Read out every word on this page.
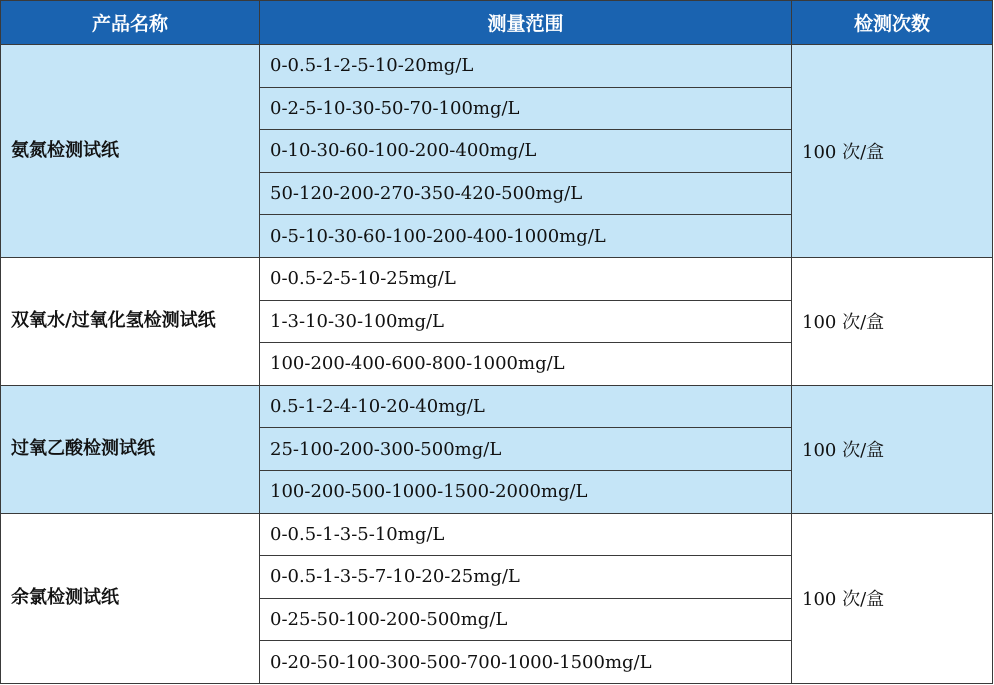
产品名称	测量范围	检测次数
氨氮检测试纸	0-0.5-1-2-5-10-20mg/L	100 次/盒
	0-2-5-10-30-50-70-100mg/L	
	0-10-30-60-100-200-400mg/L	
	50-120-200-270-350-420-500mg/L	
	0-5-10-30-60-100-200-400-1000mg/L	
双氧水/过氧化氢检测试纸	0-0.5-2-5-10-25mg/L	100 次/盒
	1-3-10-30-100mg/L	
	100-200-400-600-800-1000mg/L	
过氧乙酸检测试纸	0.5-1-2-4-10-20-40mg/L	100 次/盒
	25-100-200-300-500mg/L	
	100-200-500-1000-1500-2000mg/L	
余氯检测试纸	0-0.5-1-3-5-10mg/L	100 次/盒
	0-0.5-1-3-5-7-10-20-25mg/L	
	0-25-50-100-200-500mg/L	
	0-20-50-100-300-500-700-1000-1500mg/L	
